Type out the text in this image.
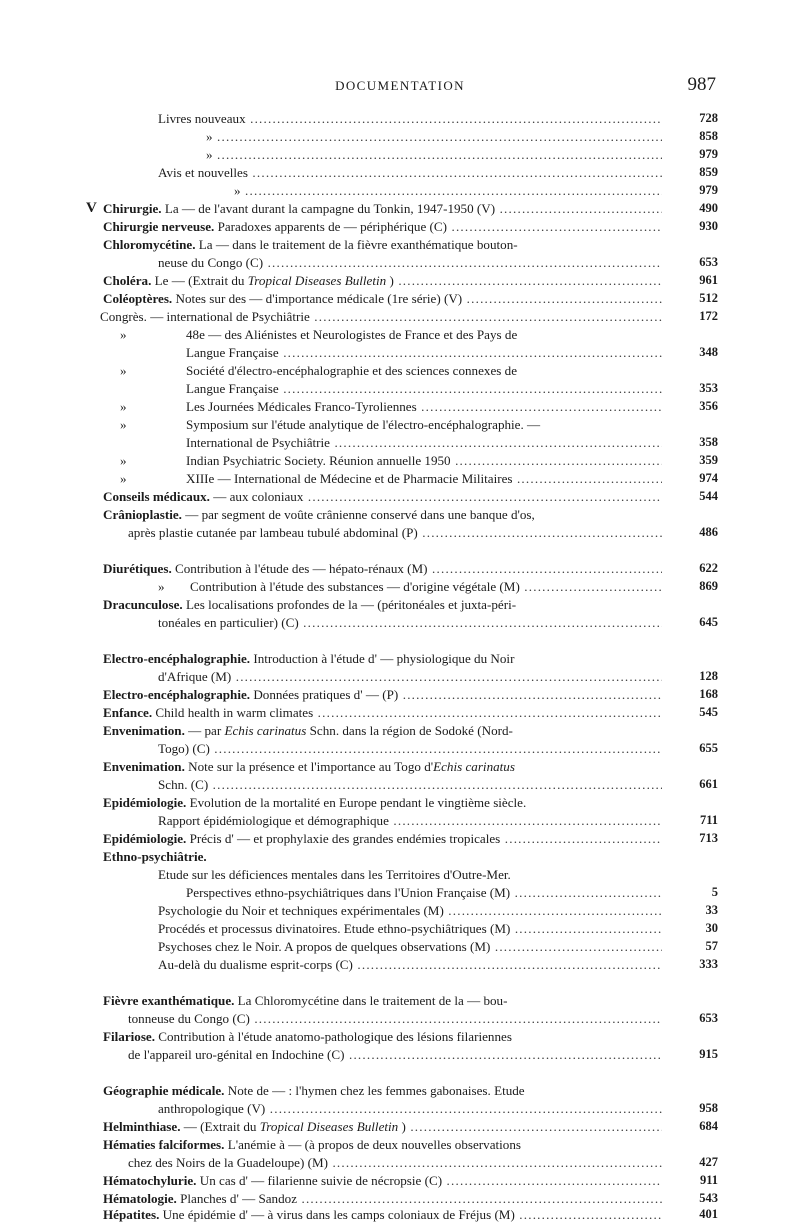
DOCUMENTATION	987
Livres nouveaux .....	728
» .....	858
» .....	979
Avis et nouvelles .....	859
» .....	979
V Chirurgie. La — de l'avant durant la campagne du Tonkin, 1947-1950 (V) .....	490
Chirurgie nerveuse. Paradoxes apparents de — périphérique (C) .....	930
Chloromycétine. La — dans le traitement de la fièvre exanthématique bouton-
neuse du Congo (C) .....	653
Choléra. Le — (Extrait du Tropical Diseases Bulletin ) .....	961
Coléoptères. Notes sur des — d'importance médicale (1re série) (V) .....	512
Congrès. — international de Psychiâtrie .....	172
»	48e — des Aliénistes et Neurologistes de France et des Pays de
Langue Française .....	348
»	Société d'électro-encéphalographie et des sciences connexes de
Langue Française .....	353
»	Les Journées Médicales Franco-Tyroliennes .....	356
»	Symposium sur l'étude analytique de l'électro-encéphalographie. —
International de Psychiâtrie .....	358
»	Indian Psychiatric Society. Réunion annuelle 1950 .....	359
»	XIIIe — International de Médecine et de Pharmacie Militaires .....	974
Conseils médicaux. — aux coloniaux .....	544
Crânioplastie. — par segment de voûte crânienne conservé dans une banque d'os,
après plastie cutanée par lambeau tubulé abdominal (P) .....	486
Diurétiques. Contribution à l'étude des — hépato-rénaux (M) .....	622
» Contribution à l'étude des substances — d'origine végétale (M) .....	869
Dracunculose. Les localisations profondes de la — (péritonéales et juxta-péri-
tonéales en particulier) (C) .....	645
Electro-encéphalographie. Introduction à l'étude d' — physiologique du Noir
d'Afrique (M) .....	128
Electro-encéphalographie. Données pratiques d' — (P) .....	168
Enfance. Child health in warm climates .....	545
Envenimation. — par Echis carinatus Schn. dans la région de Sodoké (Nord-
Togo) (C) .....	655
Envenimation. Note sur la présence et l'importance au Togo d'Echis carinatus
Schn. (C) .....	661
Epidémiologie. Evolution de la mortalité en Europe pendant le vingtième siècle.
Rapport épidémiologique et démographique .....	711
Epidémiologie. Précis d' — et prophylaxie des grandes endémies tropicales .....	713
Ethno-psychiâtrie.
Etude sur les déficiences mentales dans les Territoires d'Outre-Mer.
Perspectives ethno-psychiâtriques dans l'Union Française (M) .....	5
Psychologie du Noir et techniques expérimentales (M) .....	33
Procédés et processus divinatoires. Etude ethno-psychiâtriques (M) .....	30
Psychoses chez le Noir. A propos de quelques observations (M) .....	57
Au-delà du dualisme esprit-corps (C) .....	333
Fièvre exanthématique. La Chloromycétine dans le traitement de la — bou-
tonneuse du Congo (C) .....	653
Filariose. Contribution à l'étude anatomo-pathologique des lésions filariennes
de l'appareil uro-génital en Indochine (C) .....	915
Géographie médicale. Note de — : l'hymen chez les femmes gabonaises. Etude
anthropologique (V) .....	958
Helminthiase. — (Extrait du Tropical Diseases Bulletin ) .....	684
Hématies falciformes. L'anémie à — (à propos de deux nouvelles observations
chez des Noirs de la Guadeloupe) (M) .....	427
Hématochylurie. Un cas d' — filarienne suivie de nécropsie (C) .....	911
Hématologie. Planches d' — Sandoz .....	543
Hépatites. Une épidémie d' — à virus dans les camps coloniaux de Fréjus (M) .....	401
